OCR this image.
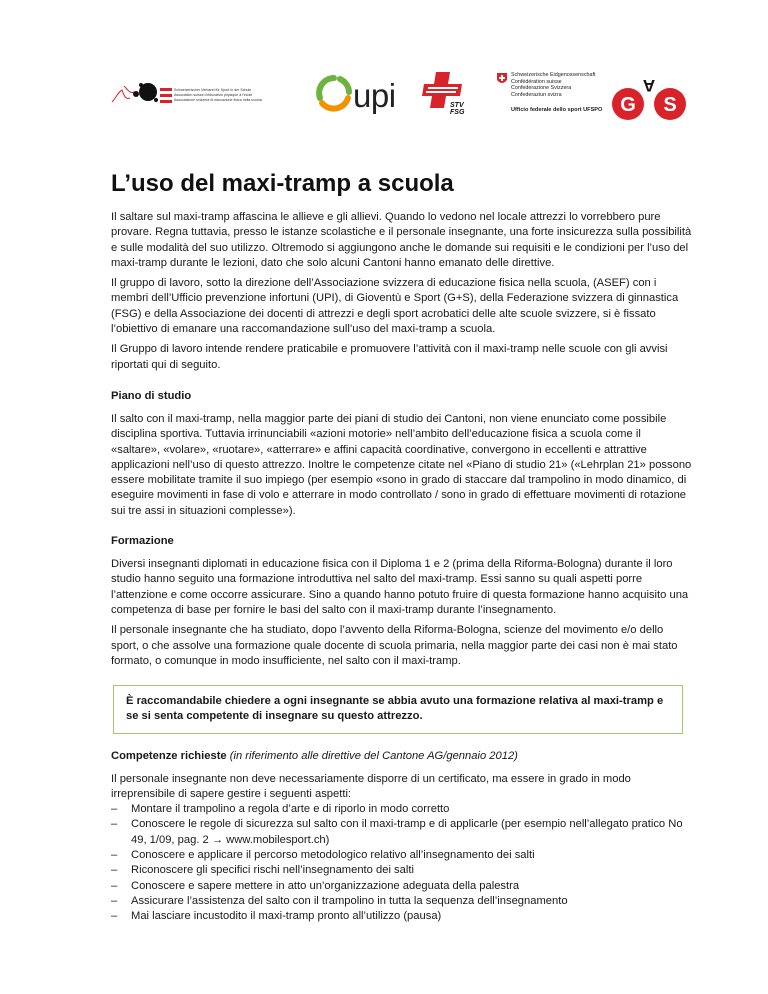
Schweizerischer Verband für Sport in der Schule
Association suisse d'éducation physique à l'école
Associazione svizzera di educazione fisica nella scuola	upi	STV
FSG
Schweizerische Eidgenossenschaft
Confédération suisse
Confederazione Svizzera
Confederaziun svizra
Ufficio federale dello sport UFSPO G
A
S
L’uso del maxi-tramp a scuola

Il saltare sul maxi-tramp affascina le allieve e gli allievi. Quando lo vedono nel locale attrezzi lo vorrebbero pure provare. Regna tuttavia, presso le istanze scolastiche e il personale insegnante, una forte insicurezza sulla possibilità e sulle modalità del suo utilizzo. Oltremodo si aggiungono anche le domande sui requisiti e le condizioni per l’uso del maxi-tramp durante le lezioni, dato che solo alcuni Cantoni hanno emanato delle direttive.

Il gruppo di lavoro, sotto la direzione dell’Associazione svizzera di educazione fisica nella scuola, (ASEF) con i membri dell’Ufficio prevenzione infortuni (UPI), di Gioventù e Sport (G+S), della Federazione svizzera di ginnastica (FSG) e della Associazione dei docenti di attrezzi e degli sport acrobatici delle alte scuole svizzere, si è fissato l’obiettivo di emanare una raccomandazione sull’uso del maxi-tramp a scuola.

Il Gruppo di lavoro intende rendere praticabile e promuovere l’attività con il maxi-tramp nelle scuole con gli avvisi riportati qui di seguito.

Piano di studio

Il salto con il maxi-tramp, nella maggior parte dei piani di studio dei Cantoni, non viene enunciato come possibile disciplina sportiva. Tuttavia irrinunciabili «azioni motorie» nell’ambito dell’educazione fisica a scuola come il «saltare», «volare», «ruotare», «atterrare» e affini capacità coordinative, convergono in eccellenti e attrattive applicazioni nell’uso di questo attrezzo. Inoltre le competenze citate nel «Piano di studio 21» («Lehrplan 21» possono essere mobilitate tramite il suo impiego (per esempio «sono in grado di staccare dal trampolino in modo dinamico, di eseguire movimenti in fase di volo e atterrare in modo controllato / sono in grado di effettuare movimenti di rotazione sui tre assi in situazioni complesse»).

Formazione

Diversi insegnanti diplomati in educazione fisica con il Diploma 1 e 2 (prima della Riforma-Bologna) durante il loro studio hanno seguito una formazione introduttiva nel salto del maxi-tramp. Essi sanno su quali aspetti porre l’attenzione e come occorre assicurare. Sino a quando hanno potuto fruire di questa formazione hanno acquisito una competenza di base per fornire le basi del salto con il maxi-tramp durante l’insegnamento.

Il personale insegnante che ha studiato, dopo l’avvento della Riforma-Bologna, scienze del movimento e/o dello sport, o che assolve una formazione quale docente di scuola primaria, nella maggior parte dei casi non è mai stato formato, o comunque in modo insufficiente, nel salto con il maxi-tramp.

È raccomandabile chiedere a ogni insegnante se abbia avuto una formazione relativa al maxi-tramp e se si senta competente di insegnare su questo attrezzo.

Competenze richieste (in riferimento alle direttive del Cantone AG/gennaio 2012)

Il personale insegnante non deve necessariamente disporre di un certificato, ma essere in grado in modo irreprensibile di sapere gestire i seguenti aspetti:

– Montare il trampolino a regola d’arte e di riporlo in modo corretto
– Conoscere le regole di sicurezza sul salto con il maxi-tramp e di applicarle (per esempio nell’allegato pratico No 49, 1/09, pag. 2 → www.mobilesport.ch)
– Conoscere e applicare il percorso metodologico relativo all’insegnamento dei salti
– Riconoscere gli specifici rischi nell’insegnamento dei salti
– Conoscere e sapere mettere in atto un’organizzazione adeguata della palestra
– Assicurare l’assistenza del salto con il trampolino in tutta la sequenza dell’insegnamento
– Mai lasciare incustodito il maxi-tramp pronto all’utilizzo (pausa)
